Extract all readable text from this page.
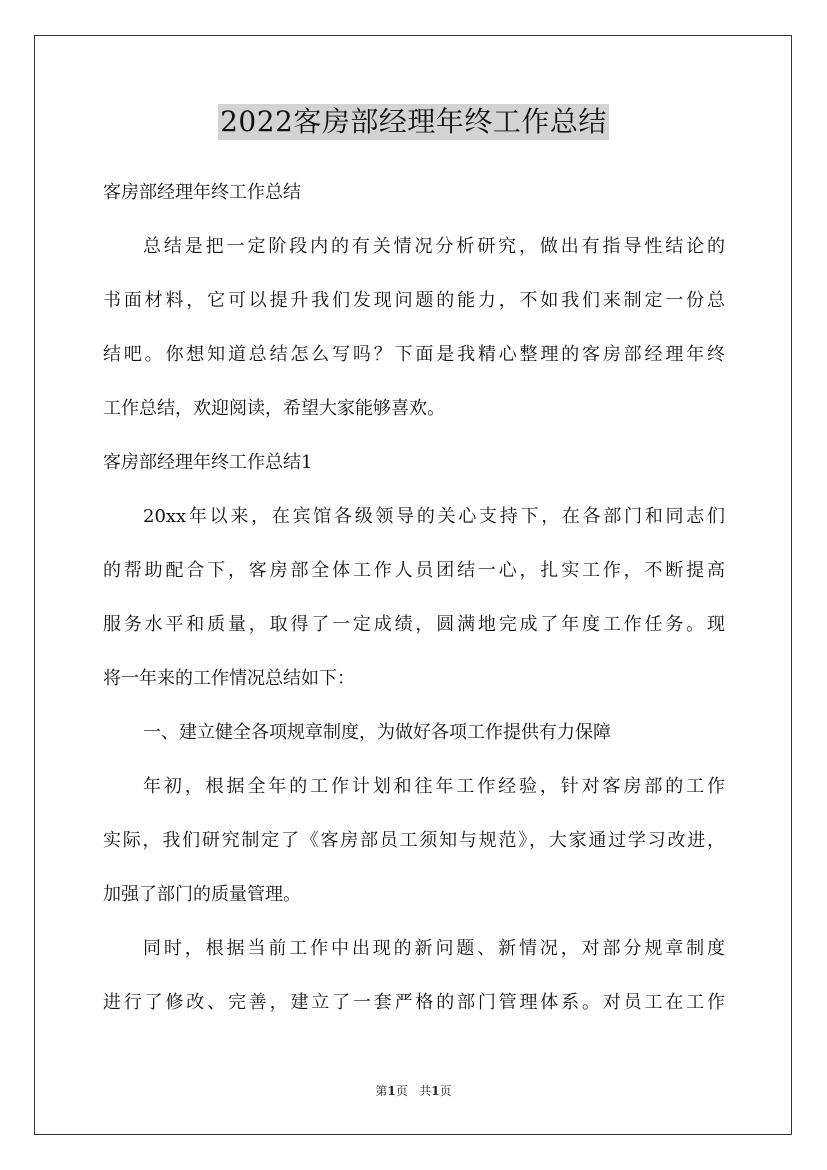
2022客房部经理年终工作总结
客房部经理年终工作总结
总结是把一定阶段内的有关情况分析研究，做出有指导性结论的
书面材料，它可以提升我们发现问题的能力，不如我们来制定一份总
结吧。你想知道总结怎么写吗？下面是我精心整理的客房部经理年终
工作总结，欢迎阅读，希望大家能够喜欢。
客房部经理年终工作总结1
20xx年以来，在宾馆各级领导的关心支持下，在各部门和同志们
的帮助配合下，客房部全体工作人员团结一心，扎实工作，不断提高
服务水平和质量，取得了一定成绩，圆满地完成了年度工作任务。现
将一年来的工作情况总结如下：
一、建立健全各项规章制度，为做好各项工作提供有力保障
年初，根据全年的工作计划和往年工作经验，针对客房部的工作
实际，我们研究制定了《客房部员工须知与规范》，大家通过学习改进，
加强了部门的质量管理。
同时，根据当前工作中出现的新问题、新情况，对部分规章制度
进行了修改、完善，建立了一套严格的部门管理体系。对员工在工作
第1页 共1页
